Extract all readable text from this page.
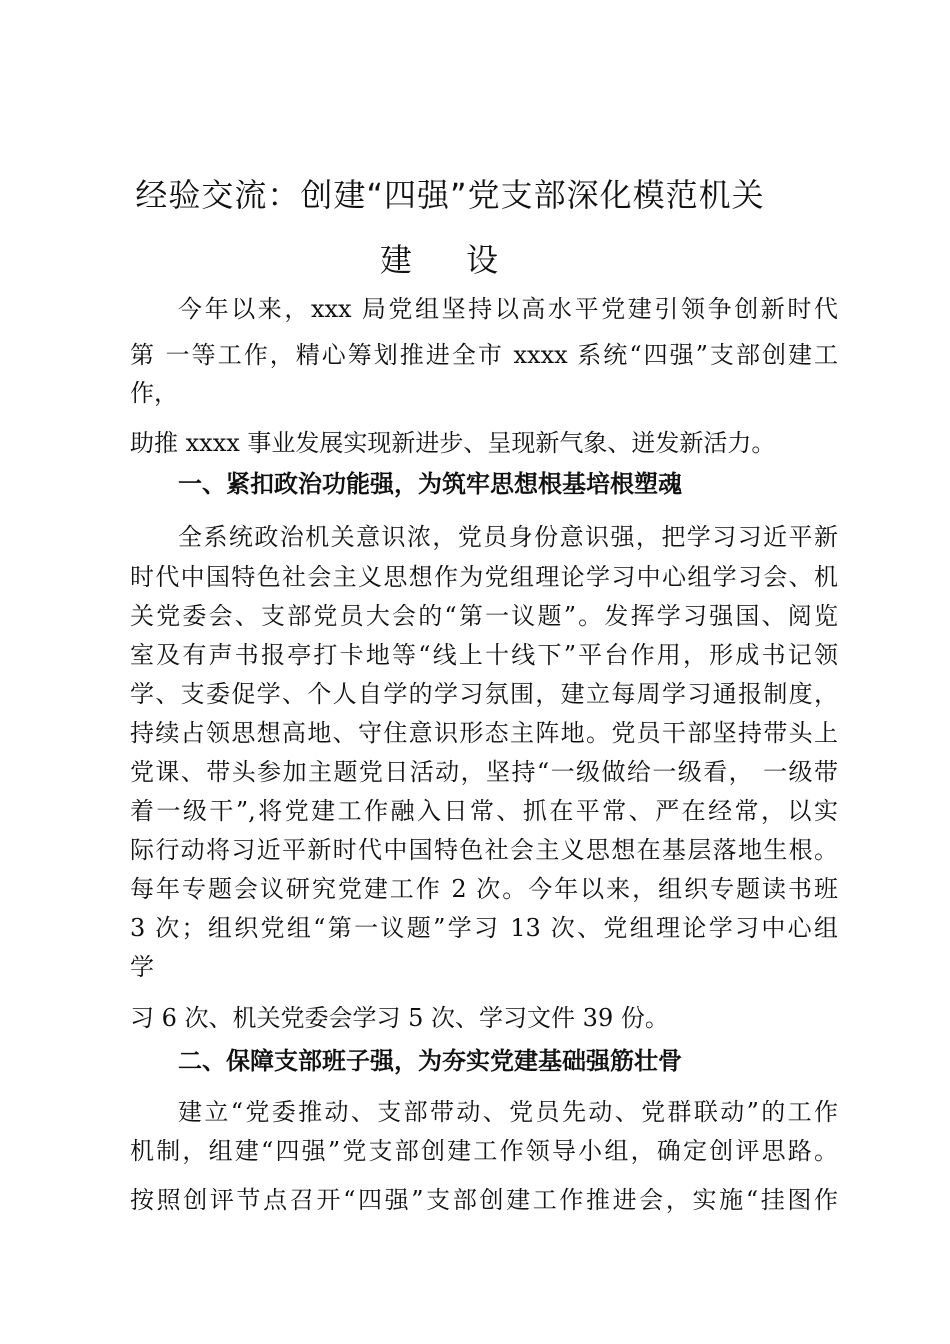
经验交流：创建“四强”党支部深化模范机关
建 设
今年以来，xxx 局党组坚持以高水平党建引领争创新时代
第 一等工作，精心筹划推进全市 xxxx 系统“四强”支部创建工
作，
助推 xxxx 事业发展实现新进步、呈现新气象、迸发新活力。
一、紧扣政治功能强，为筑牢思想根基培根塑魂
全系统政治机关意识浓，党员身份意识强，把学习习近平新
时代中国特色社会主义思想作为党组理论学习中心组学习会、机
关党委会、支部党员大会的“第一议题”。发挥学习强国、阅览
室及有声书报亭打卡地等“线上十线下”平台作用，形成书记领
学、支委促学、个人自学的学习氛围，建立每周学习通报制度，
持续占领思想高地、守住意识形态主阵地。党员干部坚持带头上
党课、带头参加主题党日活动，坚持“一级做给一级看， 一级带
着一级干”,将党建工作融入日常、抓在平常、严在经常，以实
际行动将习近平新时代中国特色社会主义思想在基层落地生根。
每年专题会议研究党建工作 2 次。今年以来，组织专题读书班
3 次；组织党组“第一议题”学习 13 次、党组理论学习中心组
学
习 6 次、机关党委会学习 5 次、学习文件 39 份。
二、保障支部班子强，为夯实党建基础强筋壮骨
建立“党委推动、支部带动、党员先动、党群联动”的工作
机制，组建“四强”党支部创建工作领导小组，确定创评思路。
按照创评节点召开“四强”支部创建工作推进会，实施“挂图作
